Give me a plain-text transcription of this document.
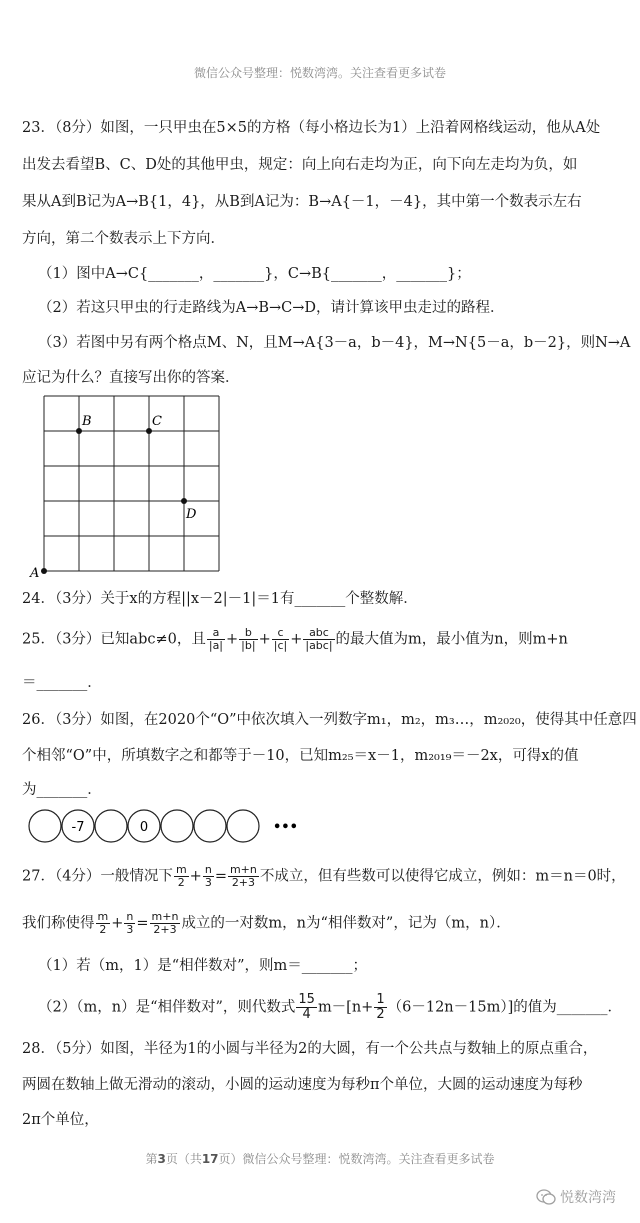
微信公众号整理：悦数湾湾。关注查看更多试卷
23．（8分）如图，一只甲虫在5×5的方格（每小格边长为1）上沿着网格线运动，他从A处
出发去看望B、C、D处的其他甲虫，规定：向上向右走均为正，向下向左走均为负，如
果从A到B记为A→B{1，4}，从B到A记为：B→A{－1，－4}，其中第一个数表示左右
方向，第二个数表示上下方向．
（1）图中A→C{_______，_______}，C→B{_______，_______}；
（2）若这只甲虫的行走路线为A→B→C→D，请计算该甲虫走过的路程．
（3）若图中另有两个格点M、N，且M→A{3－a，b－4}，M→N{5－a，b－2}，则N→A
应记为什么？直接写出你的答案．
A
B	C
D
24．（3分）关于x的方程||x－2|－1|＝1有_______个整数解．
25．（3分）已知abc≠0，且 $\frac{a}{|a|} + \frac{b}{|b|} + \frac{c}{|c|} + \frac{\text{abc}}{\text{|abc|}}$ 的最大值为m，最小值为n，则m+n
＝_______．
26．（3分）如图，在2020个“O”中依次填入一列数字m₁，m₂，m₃…，m₂₀₂₀，使得其中任意四
个相邻“O”中，所填数字之和都等于－10，已知m₂₅＝x－1，m₂₀₁₉＝－2x，可得x的值
为_______．
-7	0	•••
27．（4分）一般情况下 $\frac{m}{2} + \frac{n}{3} = \frac{m+n}{2+3}$ 不成立，但有些数可以使得它成立，例如：m＝n＝0时，
我们称使得 $\frac{m}{2} + \frac{n}{3} = \frac{m+n}{2+3}$ 成立的一对数m，n为“相伴数对”，记为（m，n）．
（1）若（m，1）是“相伴数对”，则m＝_______；
（2）（m，n）是“相伴数对”，则代数式 $\frac{15}{4} m-[n+ \frac{1}{2} (6-12n-15m)]$的值为_______．
28．（5分）如图，半径为1的小圆与半径为2的大圆，有一个公共点与数轴上的原点重合，
两圆在数轴上做无滑动的滚动，小圆的运动速度为每秒π个单位，大圆的运动速度为每秒
2π个单位，
第3页（共17页）微信公众号整理：悦数湾湾。关注查看更多试卷
悦数湾湾
